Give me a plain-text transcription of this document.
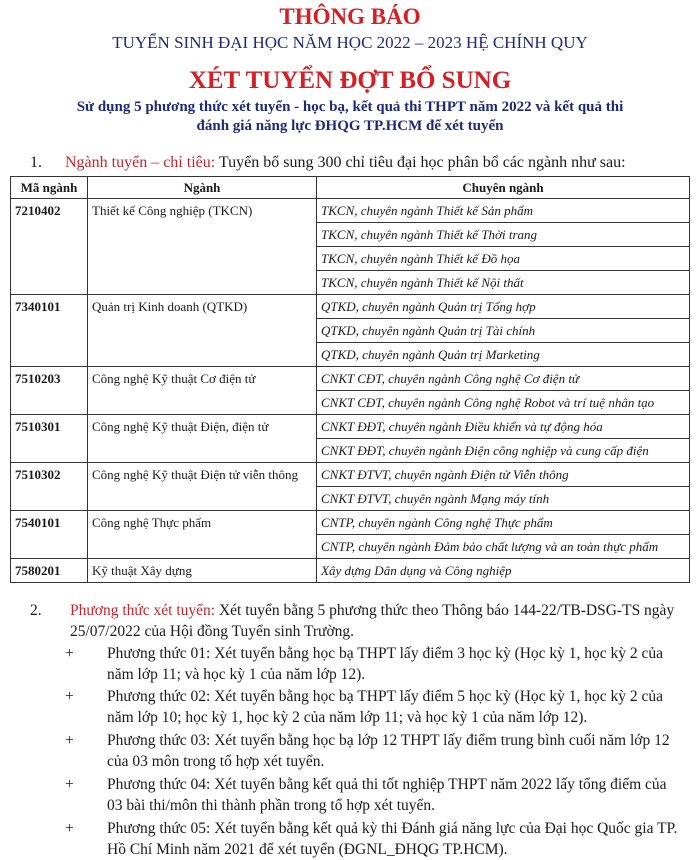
THÔNG BÁO
TUYỂN SINH ĐẠI HỌC NĂM HỌC 2022 – 2023 HỆ CHÍNH QUY
XÉT TUYỂN ĐỢT BỔ SUNG
Sử dụng 5 phương thức xét tuyển - học bạ, kết quả thi THPT năm 2022 và kết quả thi đánh giá năng lực ĐHQG TP.HCM để xét tuyển
1. Ngành tuyển – chỉ tiêu: Tuyển bổ sung 300 chỉ tiêu đại học phân bổ các ngành như sau:
Mã ngành	Ngành	Chuyên ngành
7210402	Thiết kế Công nghiệp (TKCN)	TKCN, chuyên ngành Thiết kế Sản phẩm
		TKCN, chuyên ngành Thiết kế Thời trang
		TKCN, chuyên ngành Thiết kế Đồ họa
		TKCN, chuyên ngành Thiết kế Nội thất
7340101	Quản trị Kinh doanh (QTKD)	QTKD, chuyên ngành Quản trị Tổng hợp
		QTKD, chuyên ngành Quản trị Tài chính
		QTKD, chuyên ngành Quản trị Marketing
7510203	Công nghệ Kỹ thuật Cơ điện tử	CNKT CĐT, chuyên ngành Công nghệ Cơ điện tử
		CNKT CĐT, chuyên ngành Công nghệ Robot và trí tuệ nhân tạo
7510301	Công nghệ Kỹ thuật Điện, điện tử	CNKT ĐĐT, chuyên ngành Điều khiển và tự động hóa
		CNKT ĐĐT, chuyên ngành Điện công nghiệp và cung cấp điện
7510302	Công nghệ Kỹ thuật Điện tử viễn thông	CNKT ĐTVT, chuyên ngành Điện tử Viễn thông
		CNKT ĐTVT, chuyên ngành Mạng máy tính
7540101	Công nghệ Thực phẩm	CNTP, chuyên ngành Công nghệ Thực phẩm
		CNTP, chuyên ngành Đảm bảo chất lượng và an toàn thực phẩm
7580201	Kỹ thuật Xây dựng	Xây dựng Dân dụng và Công nghiệp
2. Phương thức xét tuyển: Xét tuyển bằng 5 phương thức theo Thông báo 144-22/TB-DSG-TS ngày 25/07/2022 của Hội đồng Tuyển sinh Trường.
+ Phương thức 01: Xét tuyển bằng học bạ THPT lấy điểm 3 học kỳ (Học kỳ 1, học kỳ 2 của năm lớp 11; và học kỳ 1 của năm lớp 12).
+ Phương thức 02: Xét tuyển bằng học bạ THPT lấy điểm 5 học kỳ (Học kỳ 1, học kỳ 2 của năm lớp 10; học kỳ 1, học kỳ 2 của năm lớp 11; và học kỳ 1 của năm lớp 12).
+ Phương thức 03: Xét tuyển bằng học bạ lớp 12 THPT lấy điểm trung bình cuối năm lớp 12 của 03 môn trong tổ hợp xét tuyển.
+ Phương thức 04: Xét tuyển bằng kết quả thi tốt nghiệp THPT năm 2022 lấy tổng điểm của 03 bài thi/môn thi thành phần trong tổ hợp xét tuyển.
+ Phương thức 05: Xét tuyển bằng kết quả kỳ thi Đánh giá năng lực của Đại học Quốc gia TP. Hồ Chí Minh năm 2021 để xét tuyển (ĐGNL_ĐHQG TP.HCM).
